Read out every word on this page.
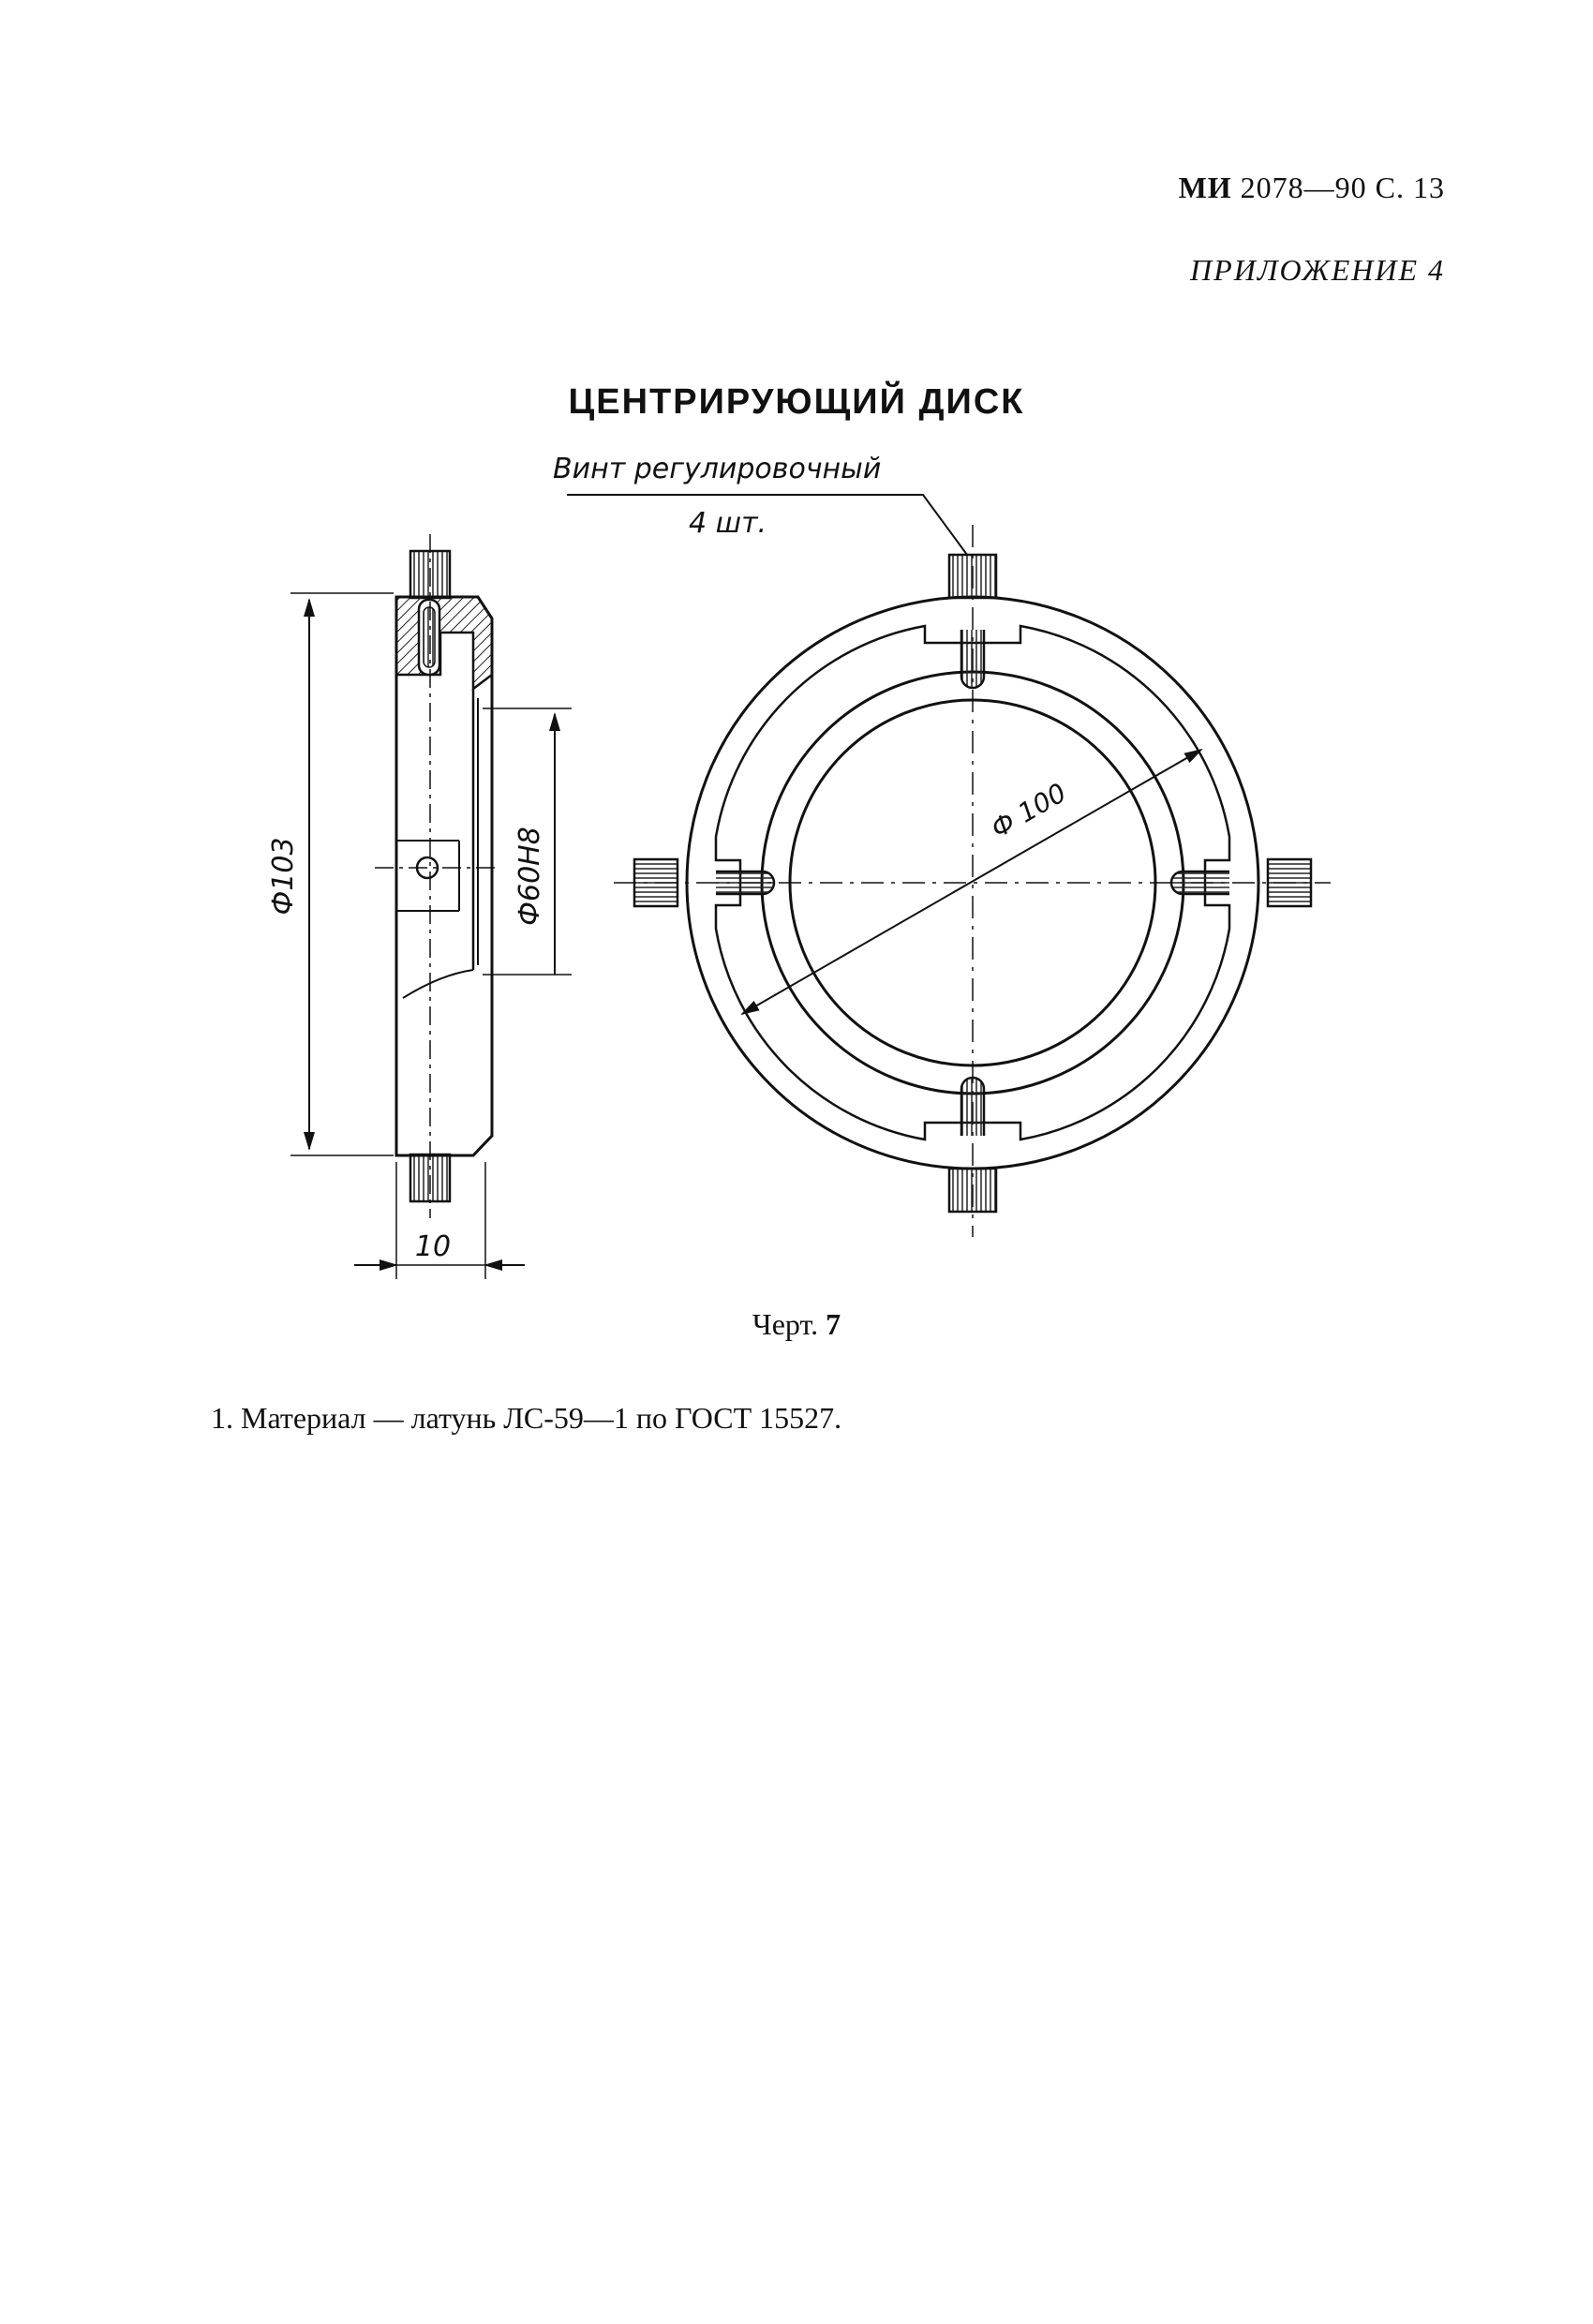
МИ 2078—90 С. 13
ПРИЛОЖЕНИЕ 4
ЦЕНТРИРУЮЩИЙ ДИСК
Ф103	Ф60Н8
10
Ф 100
Винт регулировочный
4 шт.
Черт. 7
1. Материал — латунь ЛС-59—1 по ГОСТ 15527.
